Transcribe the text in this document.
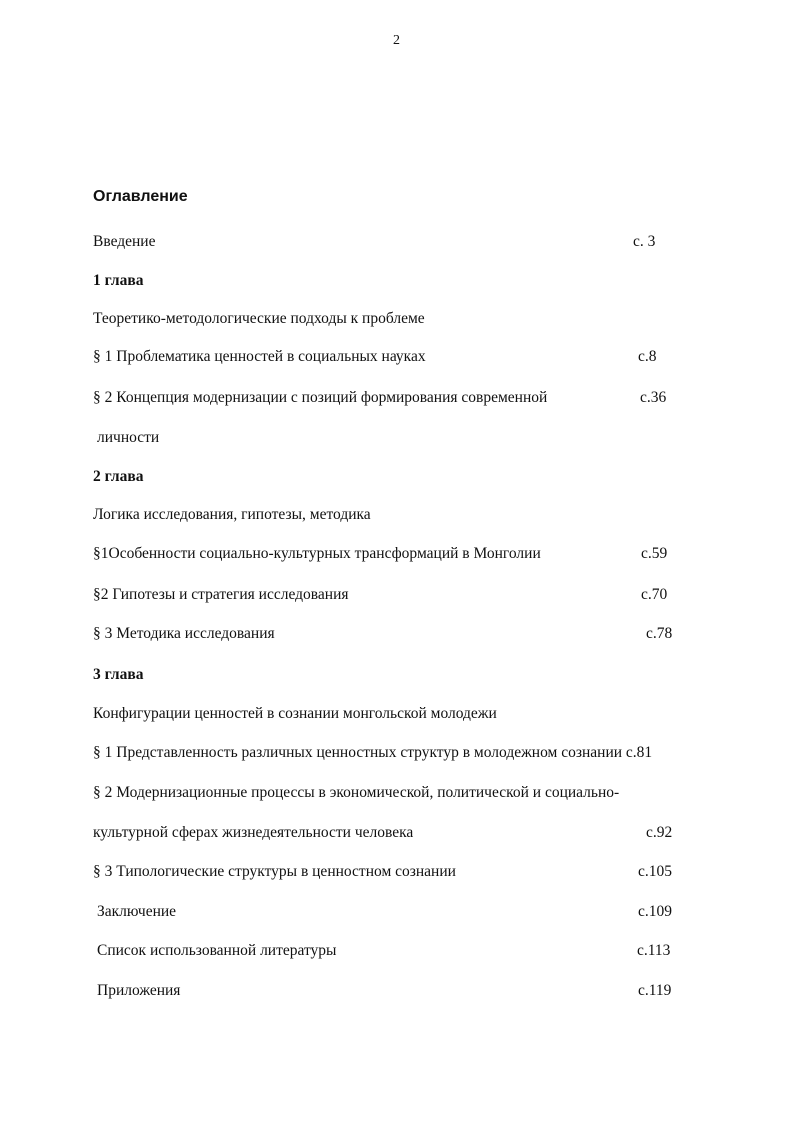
2
Оглавление
Введение	с. 3
1 глава
Теоретико-методологические подходы к проблеме
§ 1 Проблематика ценностей в социальных науках	с.8
§ 2 Концепция модернизации с позиций формирования современной	с.36
личности
2 глава
Логика исследования, гипотезы, методика
§1Особенности социально-культурных трансформаций в Монголии	с.59
§2 Гипотезы и стратегия исследования	с.70
§ 3 Методика исследования	с.78
3 глава
Конфигурации ценностей в сознании монгольской молодежи
§ 1 Представленность различных ценностных структур в молодежном сознании с.81
§ 2 Модернизационные процессы в экономической, политической и социально-
культурной сферах жизнедеятельности человека	с.92
§ 3 Типологические структуры в ценностном сознании	с.105
Заключение	с.109
Список использованной литературы	с.113
Приложения	с.119
